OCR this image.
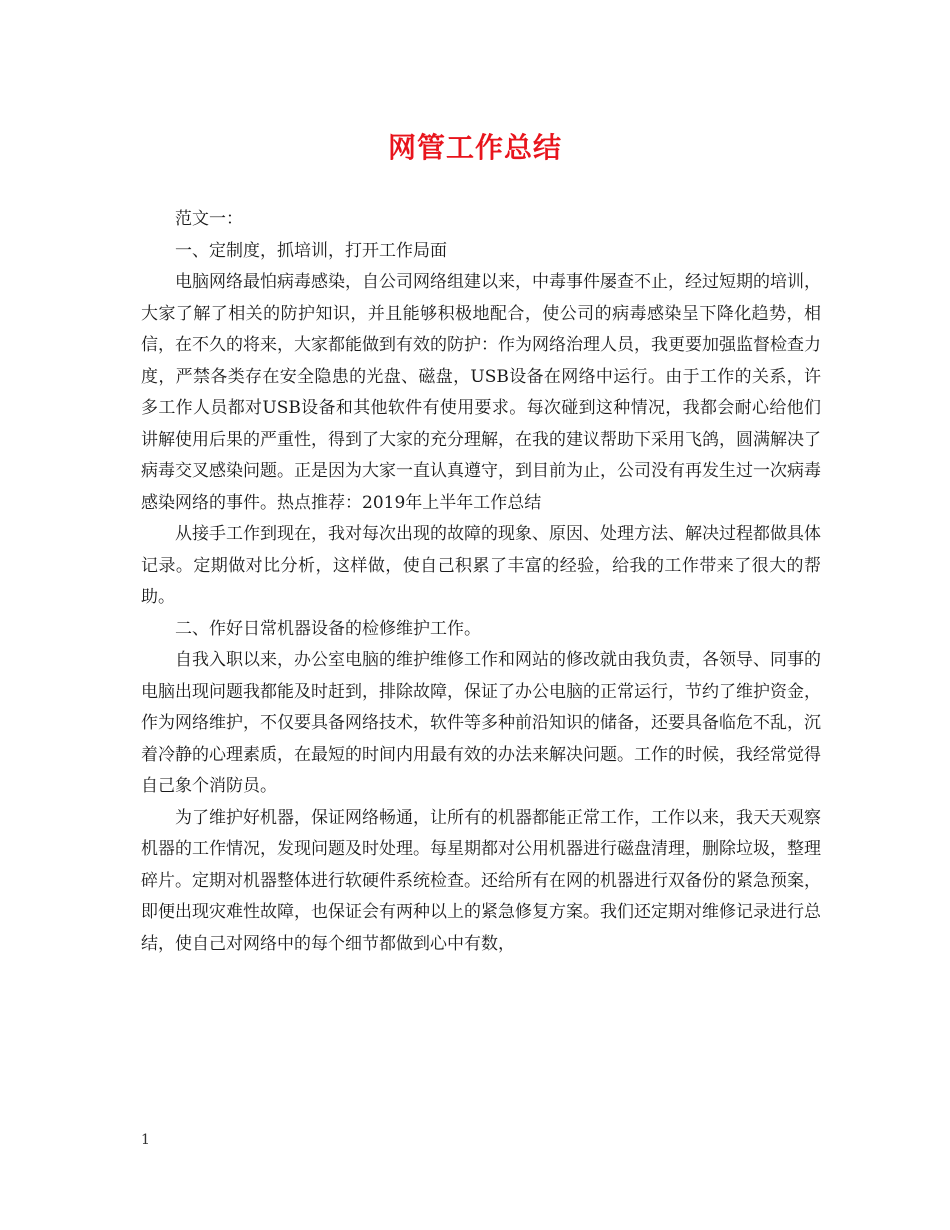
网管工作总结

范文一：

一、定制度，抓培训，打开工作局面

电脑网络最怕病毒感染，自公司网络组建以来，中毒事件屡查不止，经过短期的培训，大家了解了相关的防护知识，并且能够积极地配合，使公司的病毒感染呈下降化趋势，相信，在不久的将来，大家都能做到有效的防护：作为网络治理人员，我更要加强监督检查力度，严禁各类存在安全隐患的光盘、磁盘，USB设备在网络中运行。由于工作的关系，许多工作人员都对USB设备和其他软件有使用要求。每次碰到这种情况，我都会耐心给他们讲解使用后果的严重性，得到了大家的充分理解，在我的建议帮助下采用飞鸽，圆满解决了病毒交叉感染问题。正是因为大家一直认真遵守，到目前为止，公司没有再发生过一次病毒感染网络的事件。热点推荐：2019年上半年工作总结

从接手工作到现在，我对每次出现的故障的现象、原因、处理方法、解决过程都做具体记录。定期做对比分析，这样做，使自己积累了丰富的经验，给我的工作带来了很大的帮助。

二、作好日常机器设备的检修维护工作。

自我入职以来，办公室电脑的维护维修工作和网站的修改就由我负责，各领导、同事的电脑出现问题我都能及时赶到，排除故障，保证了办公电脑的正常运行，节约了维护资金，作为网络维护，不仅要具备网络技术，软件等多种前沿知识的储备，还要具备临危不乱，沉着冷静的心理素质，在最短的时间内用最有效的办法来解决问题。工作的时候，我经常觉得自己象个消防员。

为了维护好机器，保证网络畅通，让所有的机器都能正常工作，工作以来，我天天观察机器的工作情况，发现问题及时处理。每星期都对公用机器进行磁盘清理，删除垃圾，整理碎片。定期对机器整体进行软硬件系统检查。还给所有在网的机器进行双备份的紧急预案，即便出现灾难性故障，也保证会有两种以上的紧急修复方案。我们还定期对维修记录进行总结，使自己对网络中的每个细节都做到心中有数，

1
